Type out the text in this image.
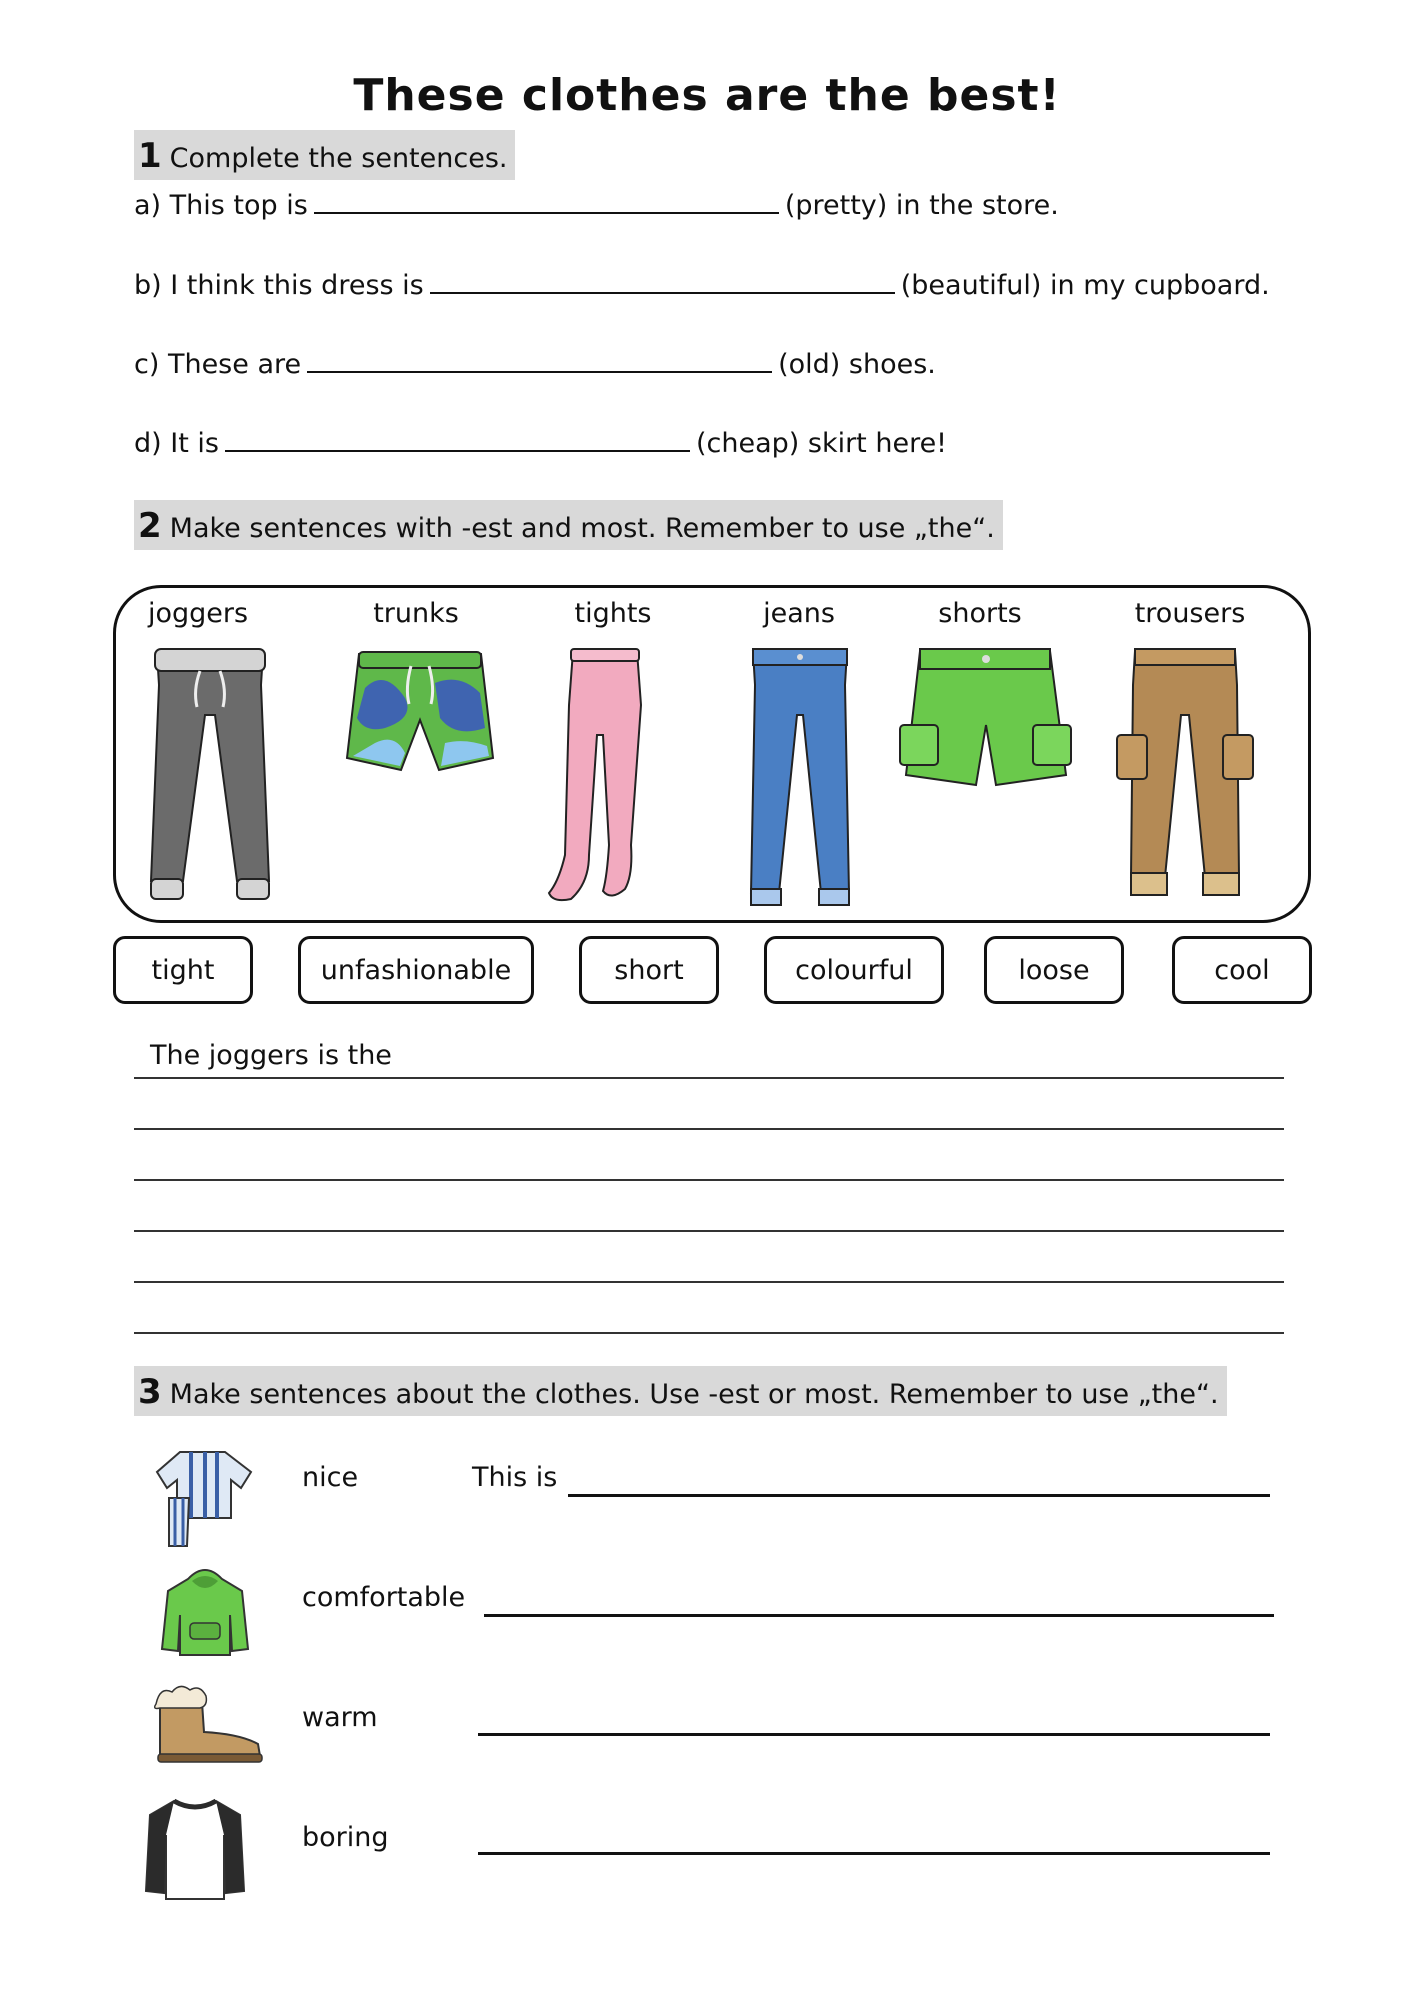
These clothes are the best!
1 Complete the sentences.
a) This top is	(pretty) in the store.
b) I think this dress is	(beautiful) in my cupboard.
c) These are	(old) shoes.
d) It is	(cheap) skirt here!
2 Make sentences with -est and most. Remember to use „the“.
joggers	trunks	tights	jeans	shorts	trousers
tight	unfashionable	short	colourful	loose	cool
The joggers is the
3 Make sentences about the clothes. Use -est or most. Remember to use „the“.
nice	This is
comfortable
warm
boring
